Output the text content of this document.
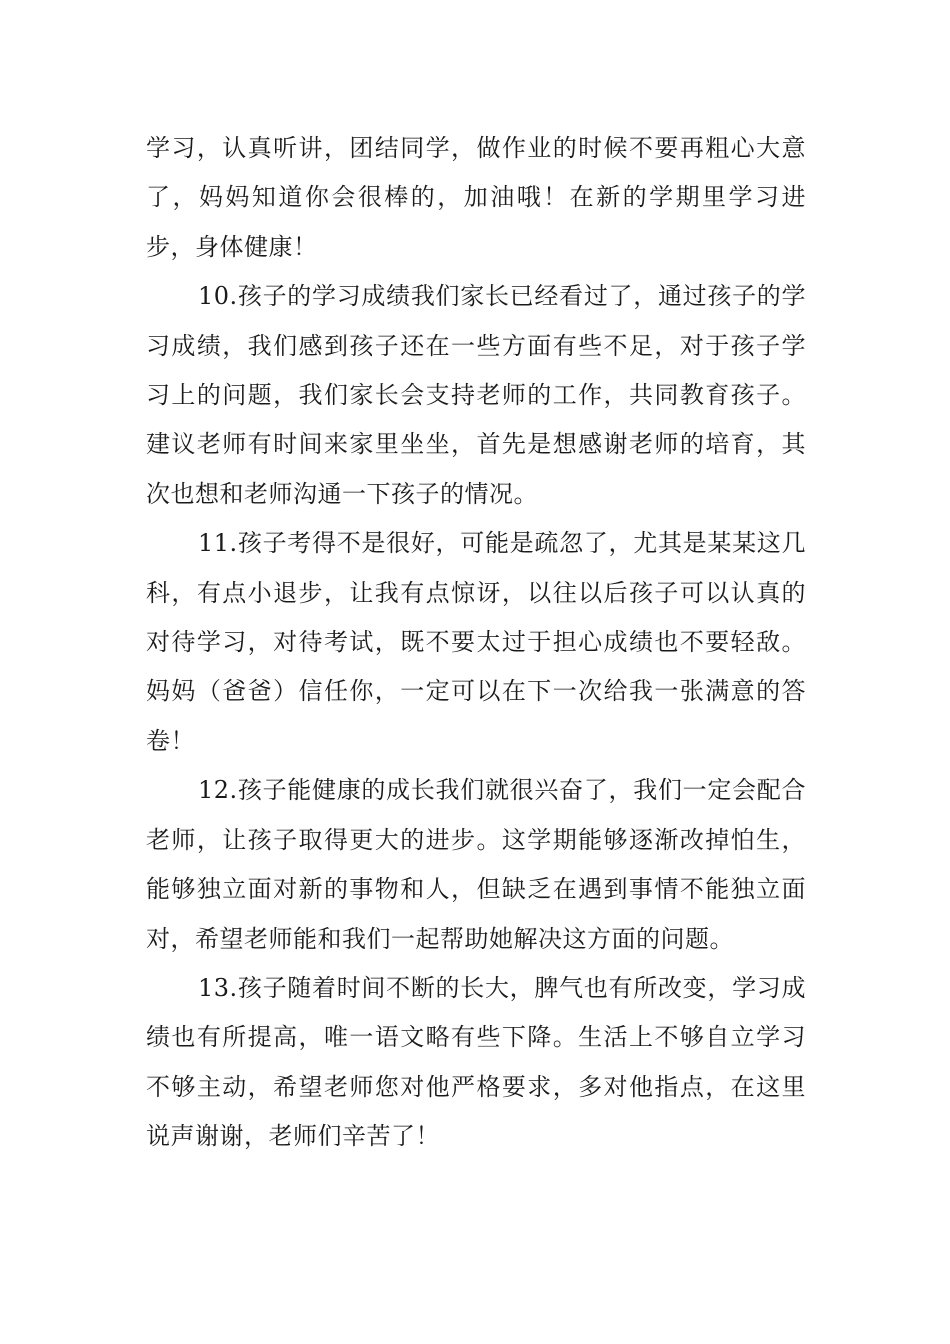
学习，认真听讲，团结同学，做作业的时候不要再粗心大意了，妈妈知道你会很棒的，加油哦！在新的学期里学习进步，身体健康！

10.孩子的学习成绩我们家长已经看过了，通过孩子的学习成绩，我们感到孩子还在一些方面有些不足，对于孩子学习上的问题，我们家长会支持老师的工作，共同教育孩子。建议老师有时间来家里坐坐，首先是想感谢老师的培育，其次也想和老师沟通一下孩子的情况。

11.孩子考得不是很好，可能是疏忽了，尤其是某某这几科，有点小退步，让我有点惊讶，以往以后孩子可以认真的对待学习，对待考试，既不要太过于担心成绩也不要轻敌。妈妈（爸爸）信任你，一定可以在下一次给我一张满意的答卷！

12.孩子能健康的成长我们就很兴奋了，我们一定会配合老师，让孩子取得更大的进步。这学期能够逐渐改掉怕生，能够独立面对新的事物和人，但缺乏在遇到事情不能独立面对，希望老师能和我们一起帮助她解决这方面的问题。

13.孩子随着时间不断的长大，脾气也有所改变，学习成绩也有所提高，唯一语文略有些下降。生活上不够自立学习不够主动，希望老师您对他严格要求，多对他指点，在这里说声谢谢，老师们辛苦了！
